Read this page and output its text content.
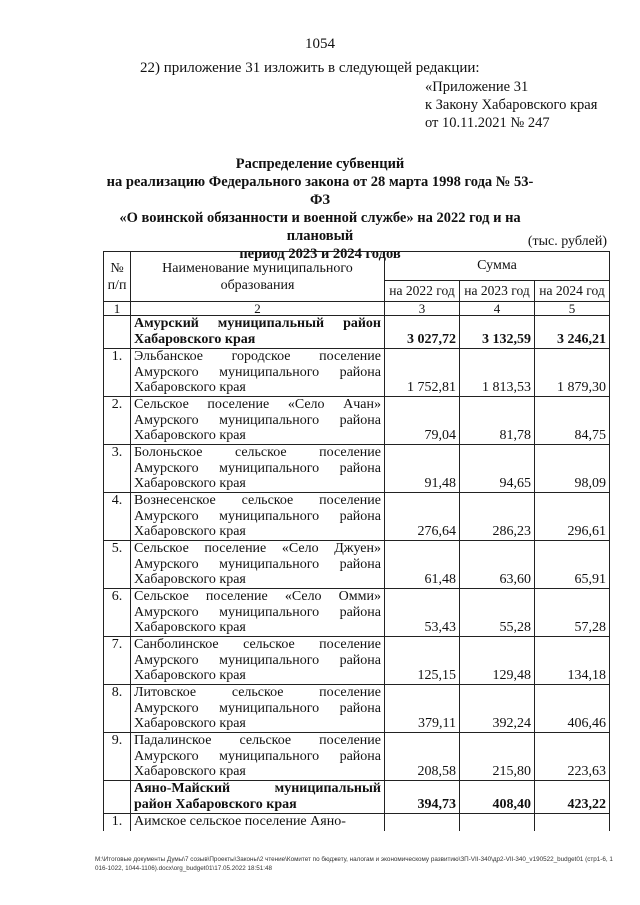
1054
22) приложение 31 изложить в следующей редакции:
«Приложение 31
к Закону Хабаровского края
от 10.11.2021 № 247
Распределение субвенций
на реализацию Федерального закона от 28 марта 1998 года № 53-ФЗ
«О воинской обязанности и военной службе» на 2022 год и на плановый
период 2023 и 2024 годов
(тыс. рублей)
№ п/п	Наименование муниципального образования	Сумма		
		на 2022 год	на 2023 год	на 2024 год
1	2	3	4	5
	Амурский муниципальный район Хабаровского края	3 027,72	3 132,59	3 246,21
1.	Эльбанское городское поселение Амурского муниципального района Хабаровского края	1 752,81	1 813,53	1 879,30
2.	Сельское поселение «Село Ачан» Амурского муниципального района Хабаровского края	79,04	81,78	84,75
3.	Болоньское сельское поселение Амурского муниципального района Хабаровского края	91,48	94,65	98,09
4.	Вознесенское сельское поселение Амурского муниципального района Хабаровского края	276,64	286,23	296,61
5.	Сельское поселение «Село Джуен» Амурского муниципального района Хабаровского края	61,48	63,60	65,91
6.	Сельское поселение «Село Омми» Амурского муниципального района Хабаровского края	53,43	55,28	57,28
7.	Санболинское сельское поселение Амурского муниципального района Хабаровского края	125,15	129,48	134,18
8.	Литовское сельское поселение Амурского муниципального района Хабаровского края	379,11	392,24	406,46
9.	Падалинское сельское поселение Амурского муниципального района Хабаровского края	208,58	215,80	223,63
	Аяно-Майский муниципальный район Хабаровского края	394,73	408,40	423,22
1.	Аимское сельское поселение Аяно-			
М:\Итоговые документы Думы\7 созыв\Проекты\Законы\2 чтение\Комитет по бюджету, налогам и экономическому развитию\ЗП-VII-340\др2-VII-340_v190522_budget01 (стр1-6, 1016-1022, 1044-1106).docx\org_budget01\17.05.2022 18:51:48
